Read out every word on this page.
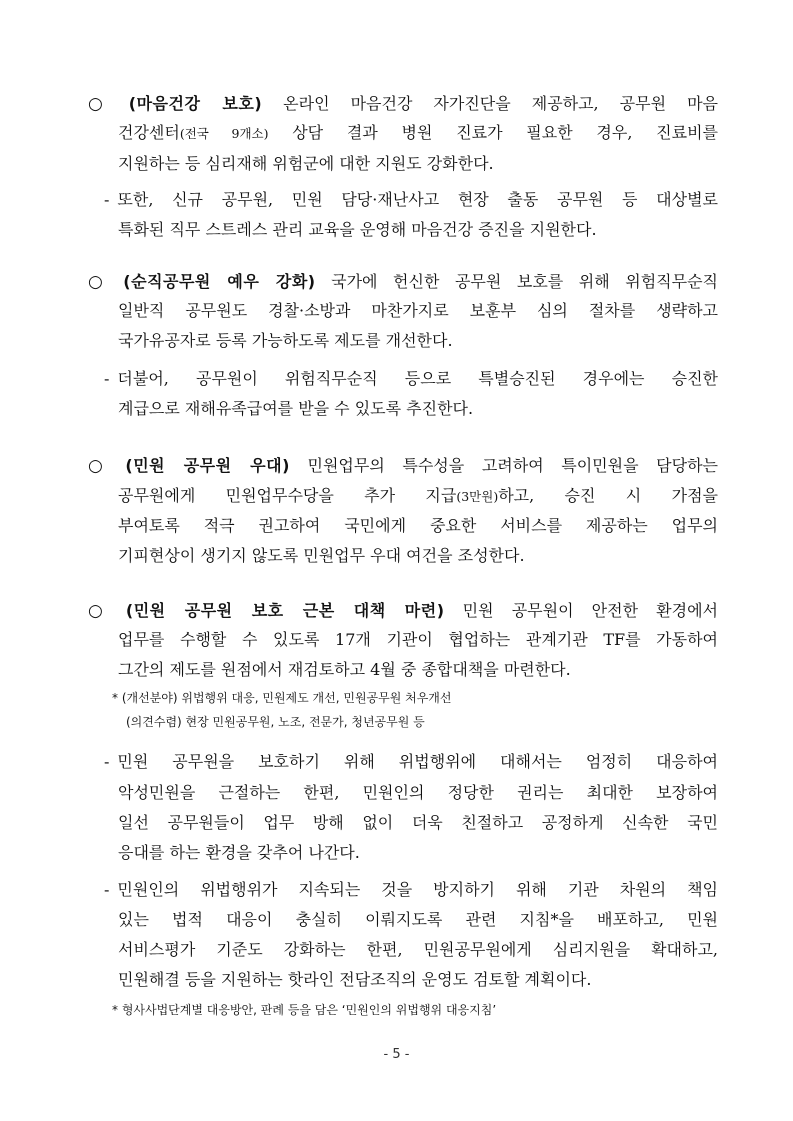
○ (마음건강 보호) 온라인 마음건강 자가진단을 제공하고, 공무원 마음
건강센터(전국 9개소) 상담 결과 병원 진료가 필요한 경우, 진료비를
지원하는 등 심리재해 위험군에 대한 지원도 강화한다.
- 또한, 신규 공무원, 민원 담당·재난사고 현장 출동 공무원 등 대상별로
특화된 직무 스트레스 관리 교육을 운영해 마음건강 증진을 지원한다.
○ (순직공무원 예우 강화) 국가에 헌신한 공무원 보호를 위해 위험직무순직
일반직 공무원도 경찰·소방과 마찬가지로 보훈부 심의 절차를 생략하고
국가유공자로 등록 가능하도록 제도를 개선한다.
- 더불어, 공무원이 위험직무순직 등으로 특별승진된 경우에는 승진한
계급으로 재해유족급여를 받을 수 있도록 추진한다.
○ (민원 공무원 우대) 민원업무의 특수성을 고려하여 특이민원을 담당하는
공무원에게 민원업무수당을 추가 지급(3만원)하고, 승진 시 가점을
부여토록 적극 권고하여 국민에게 중요한 서비스를 제공하는 업무의
기피현상이 생기지 않도록 민원업무 우대 여건을 조성한다.
○ (민원 공무원 보호 근본 대책 마련) 민원 공무원이 안전한 환경에서
업무를 수행할 수 있도록 17개 기관이 협업하는 관계기관 TF를 가동하여
그간의 제도를 원점에서 재검토하고 4월 중 종합대책을 마련한다.
* (개선분야) 위법행위 대응, 민원제도 개선, 민원공무원 처우개선
(의견수렴) 현장 민원공무원, 노조, 전문가, 청년공무원 등
- 민원 공무원을 보호하기 위해 위법행위에 대해서는 엄정히 대응하여
악성민원을 근절하는 한편, 민원인의 정당한 권리는 최대한 보장하여
일선 공무원들이 업무 방해 없이 더욱 친절하고 공정하게 신속한 국민
응대를 하는 환경을 갖추어 나간다.
- 민원인의 위법행위가 지속되는 것을 방지하기 위해 기관 차원의 책임
있는 법적 대응이 충실히 이뤄지도록 관련 지침*을 배포하고, 민원
서비스평가 기준도 강화하는 한편, 민원공무원에게 심리지원을 확대하고,
민원해결 등을 지원하는 핫라인 전담조직의 운영도 검토할 계획이다.
* 형사사법단계별 대응방안, 판례 등을 담은 ‘민원인의 위법행위 대응지침’
- 5 -
